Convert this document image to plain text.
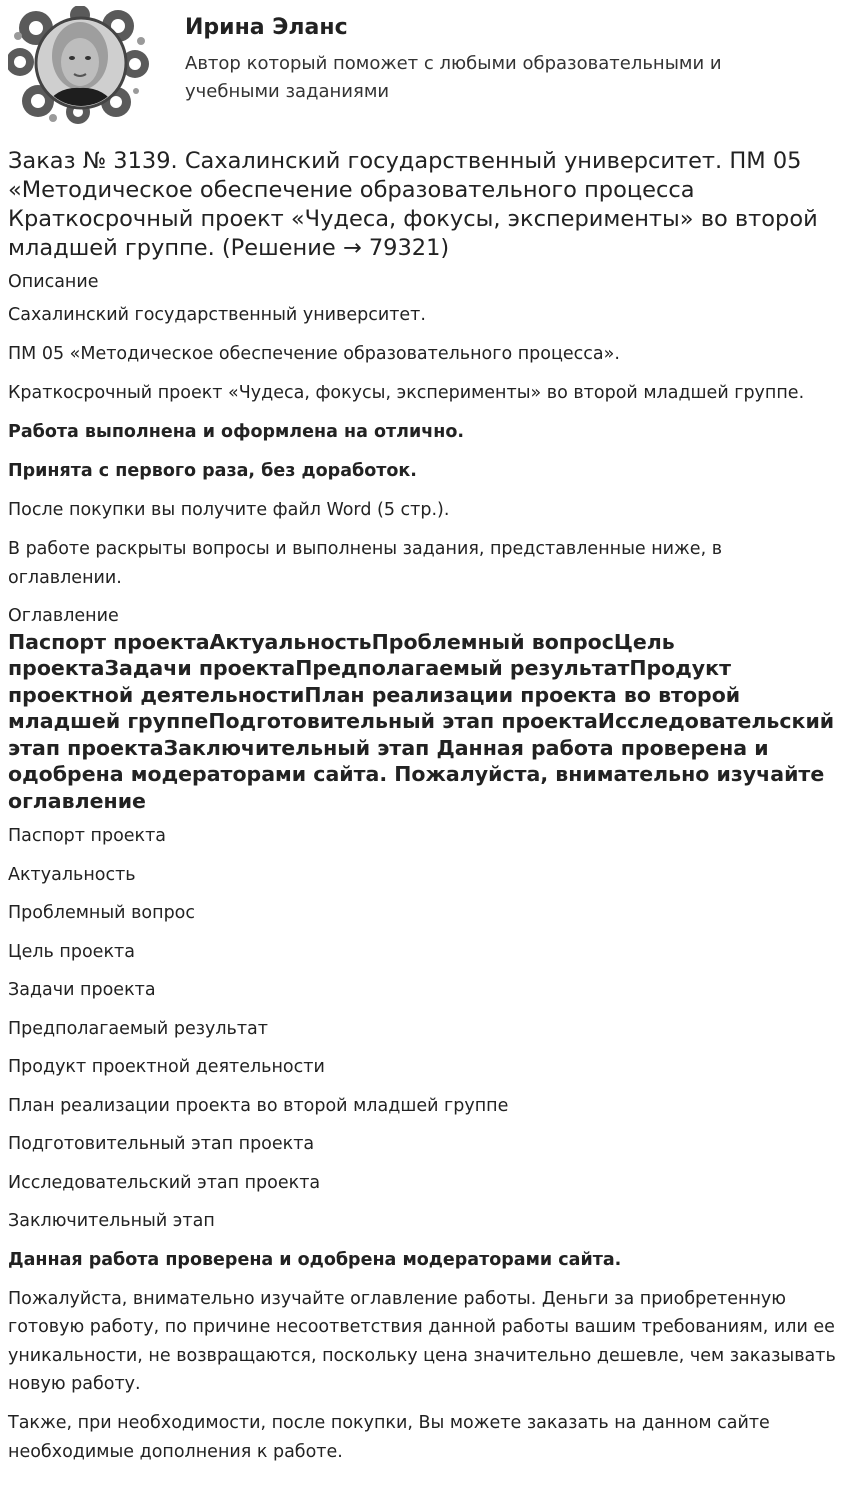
Ирина Эланс

Автор который поможет с любыми образовательными и учебными заданиями

Заказ № 3139. Сахалинский государственный университет. ПМ 05 «Методическое обеспечение образовательного процесса Краткосрочный проект «Чудеса, фокусы, эксперименты» во второй младшей группе. (Решение → 79321)
Описание

Сахалинский государственный университет.

ПМ 05 «Методическое обеспечение образовательного процесса».

Краткосрочный проект «Чудеса, фокусы, эксперименты» во второй младшей группе.

Работа выполнена и оформлена на отлично.

Принята с первого раза, без доработок.

После покупки вы получите файл Word (5 стр.).

В работе раскрыты вопросы и выполнены задания, представленные ниже, в оглавлении.

Оглавление
Паспорт проектаАктуальностьПроблемный вопросЦель проектаЗадачи проектаПредполагаемый результатПродукт проектной деятельностиПлан реализации проекта во второй младшей группеПодготовительный этап проектаИсследовательский этап проектаЗаключительный этап Данная работа проверена и одобрена модераторами сайта. Пожалуйста, внимательно изучайте оглавление
Паспорт проекта
Актуальность
Проблемный вопрос
Цель проекта
Задачи проекта
Предполагаемый результат
Продукт проектной деятельности
План реализации проекта во второй младшей группе
Подготовительный этап проекта
Исследовательский этап проекта
Заключительный этап

Данная работа проверена и одобрена модераторами сайта.

Пожалуйста, внимательно изучайте оглавление работы. Деньги за приобретенную готовую работу, по причине несоответствия данной работы вашим требованиям, или ее уникальности, не возвращаются, поскольку цена значительно дешевле, чем заказывать новую работу.

Также, при необходимости, после покупки, Вы можете заказать на данном сайте необходимые дополнения к работе.
